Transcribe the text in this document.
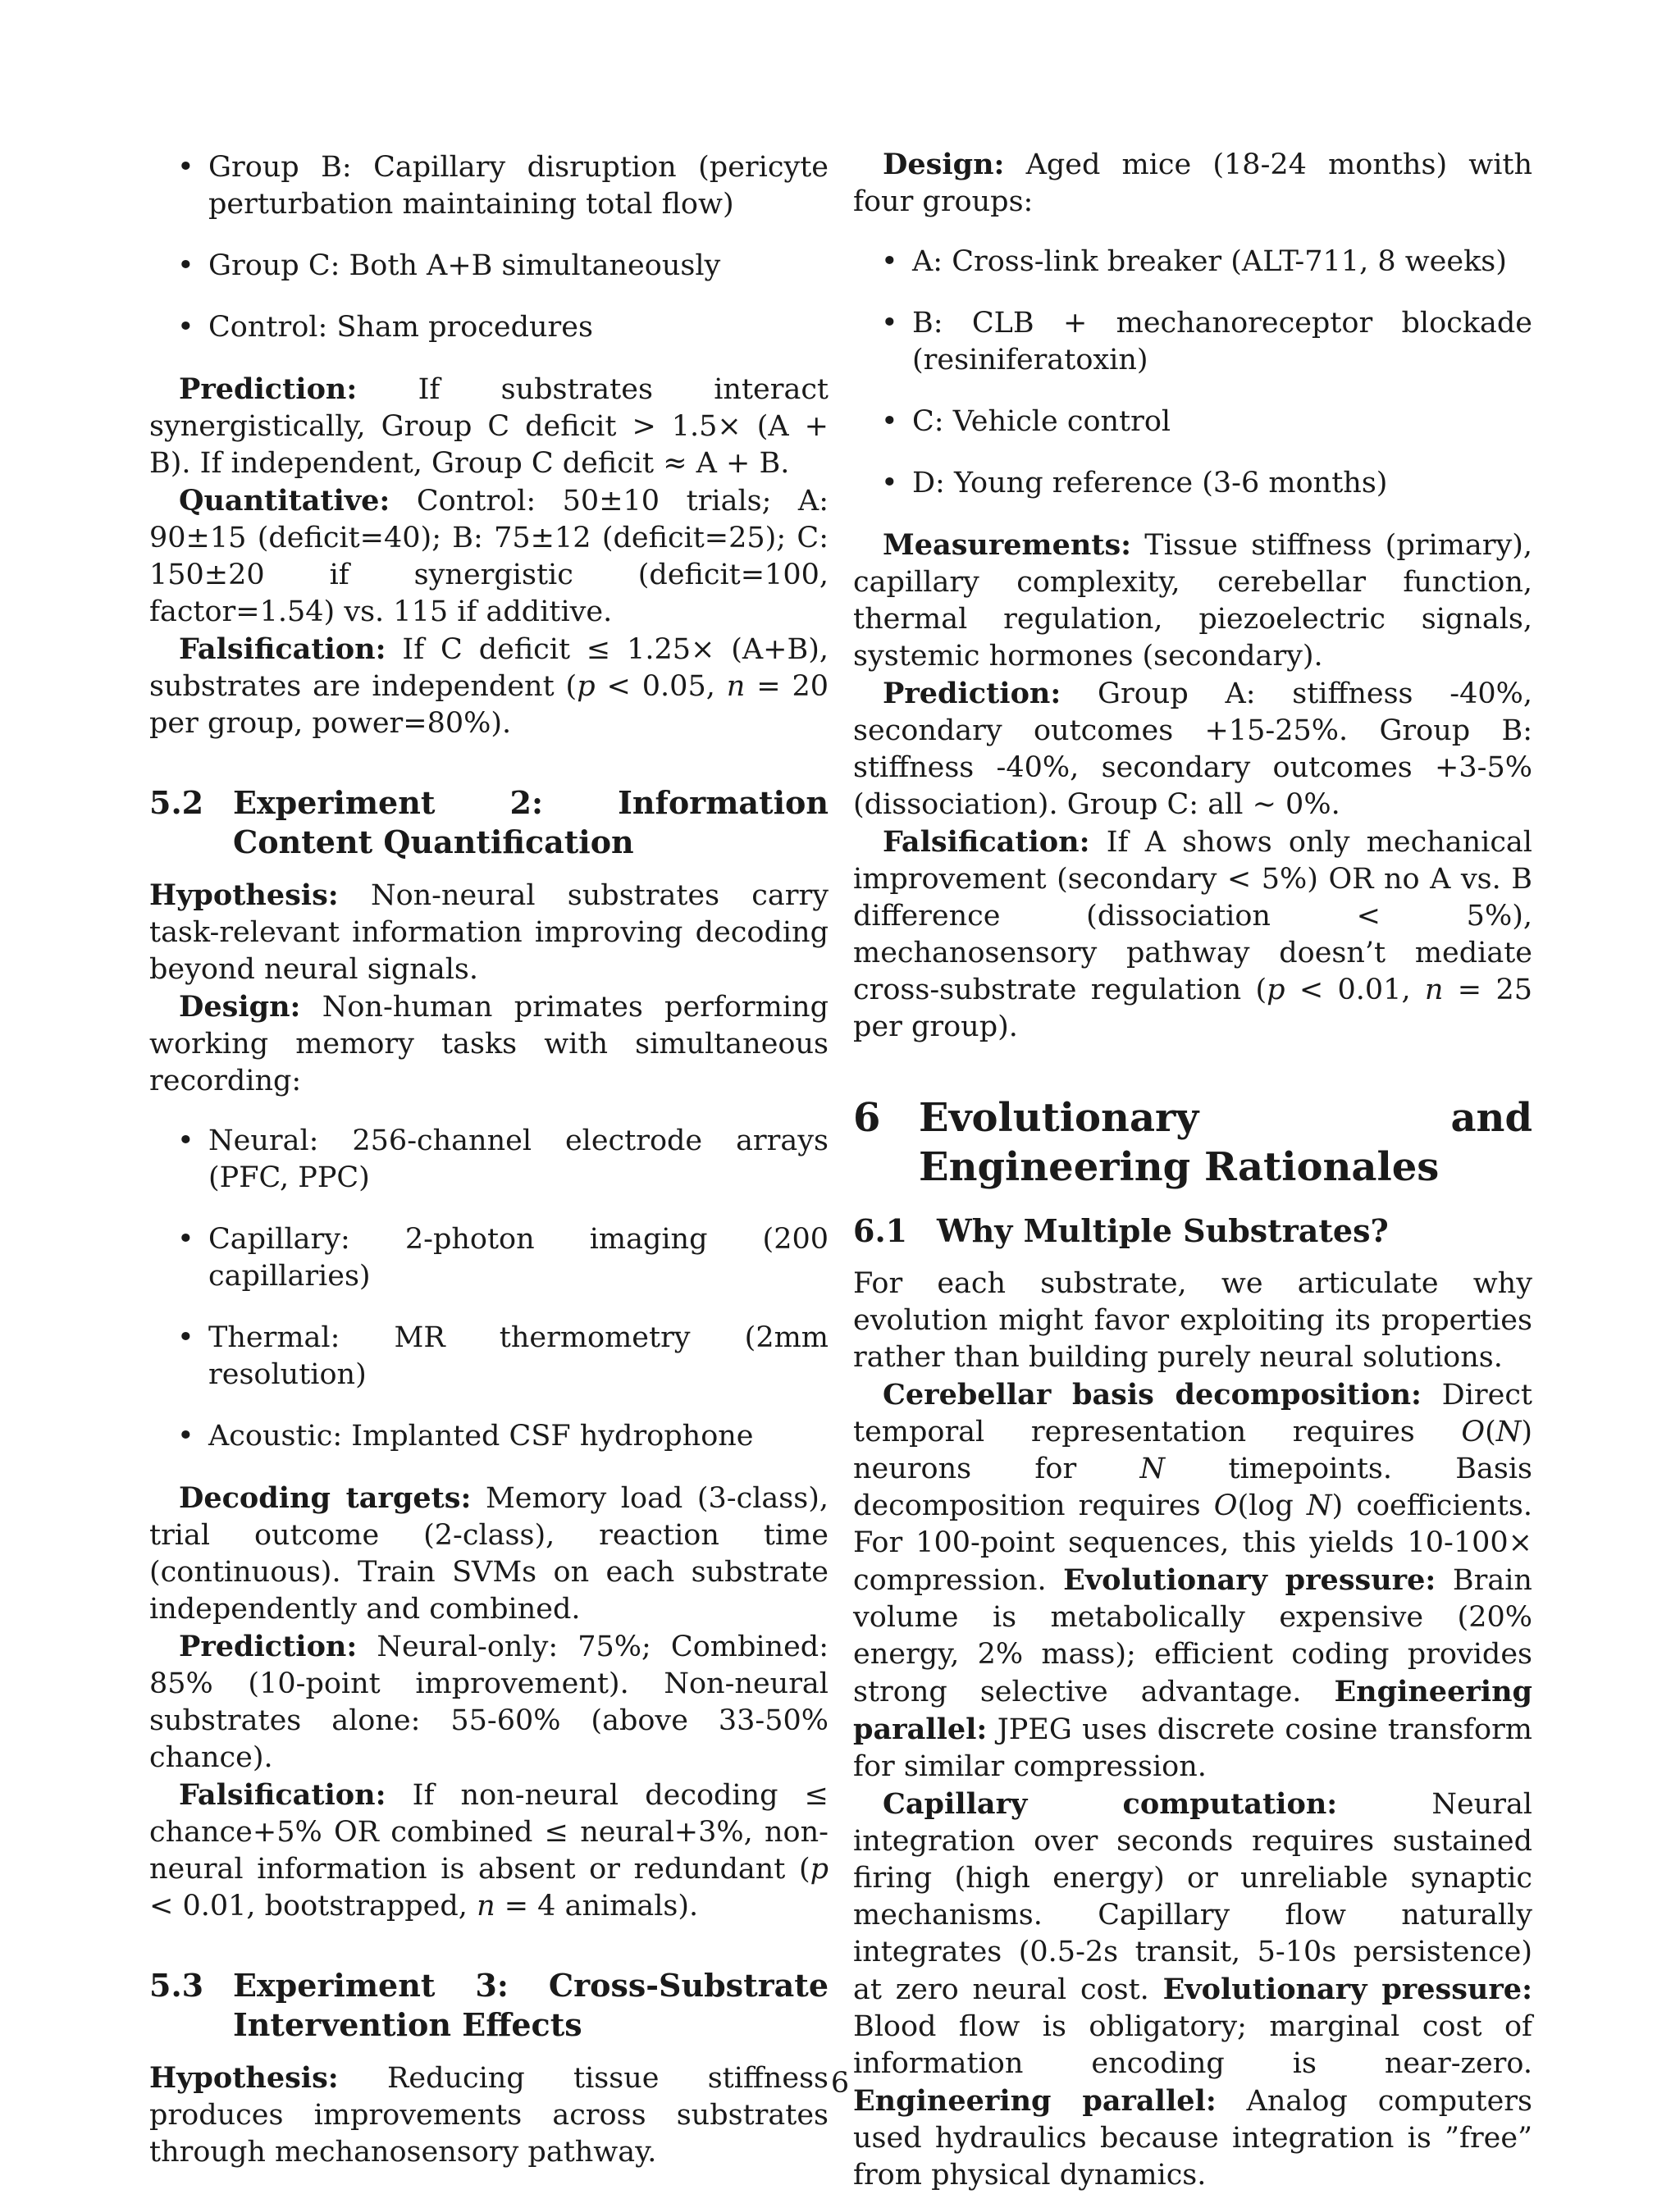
• Group B: Capillary disruption (pericyte perturbation maintaining total flow)
• Group C: Both A+B simultaneously
• Control: Sham procedures

Prediction: If substrates interact synergistically, Group C deficit > 1.5× (A + B). If independent, Group C deficit ≈ A + B.

Quantitative: Control: 50±10 trials; A: 90±15 (deficit=40); B: 75±12 (deficit=25); C: 150±20 if synergistic (deficit=100, factor=1.54) vs. 115 if additive.

Falsification: If C deficit ≤ 1.25× (A+B), substrates are independent (p < 0.05, n = 20 per group, power=80%).

5.2 Experiment 2: Information Content Quantification

Hypothesis: Non-neural substrates carry task-relevant information improving decoding beyond neural signals.

Design: Non-human primates performing working memory tasks with simultaneous recording:

• Neural: 256-channel electrode arrays (PFC, PPC)
• Capillary: 2-photon imaging (200 capillaries)
• Thermal: MR thermometry (2mm resolution)
• Acoustic: Implanted CSF hydrophone

Decoding targets: Memory load (3-class), trial outcome (2-class), reaction time (continuous). Train SVMs on each substrate independently and combined.

Prediction: Neural-only: 75%; Combined: 85% (10-point improvement). Non-neural substrates alone: 55-60% (above 33-50% chance).

Falsification: If non-neural decoding ≤ chance+5% OR combined ≤ neural+3%, non-neural information is absent or redundant (p < 0.01, bootstrapped, n = 4 animals).

5.3 Experiment 3: Cross-Substrate Intervention Effects

Hypothesis: Reducing tissue stiffness produces improvements across substrates through mechanosensory pathway.

Design: Aged mice (18-24 months) with four groups:

• A: Cross-link breaker (ALT-711, 8 weeks)
• B: CLB + mechanoreceptor blockade (resiniferatoxin)
• C: Vehicle control
• D: Young reference (3-6 months)

Measurements: Tissue stiffness (primary), capillary complexity, cerebellar function, thermal regulation, piezoelectric signals, systemic hormones (secondary).

Prediction: Group A: stiffness -40%, secondary outcomes +15-25%. Group B: stiffness -40%, secondary outcomes +3-5% (dissociation). Group C: all ∼ 0%.

Falsification: If A shows only mechanical improvement (secondary < 5%) OR no A vs. B difference (dissociation < 5%), mechanosensory pathway doesn’t mediate cross-substrate regulation (p < 0.01, n = 25 per group).

6 Evolutionary and Engineering Rationales
6.1 Why Multiple Substrates?

For each substrate, we articulate why evolution might favor exploiting its properties rather than building purely neural solutions.

Cerebellar basis decomposition: Direct temporal representation requires O(N) neurons for N timepoints. Basis decomposition requires O(log N) coefficients. For 100-point sequences, this yields 10-100× compression. Evolutionary pressure: Brain volume is metabolically expensive (20% energy, 2% mass); efficient coding provides strong selective advantage. Engineering parallel: JPEG uses discrete cosine transform for similar compression.

Capillary computation: Neural integration over seconds requires sustained firing (high energy) or unreliable synaptic mechanisms. Capillary flow naturally integrates (0.5-2s transit, 5-10s persistence) at zero neural cost. Evolutionary pressure: Blood flow is obligatory; marginal cost of information encoding is near-zero. Engineering parallel: Analog computers used hydraulics because integration is ”free” from physical dynamics.

6
